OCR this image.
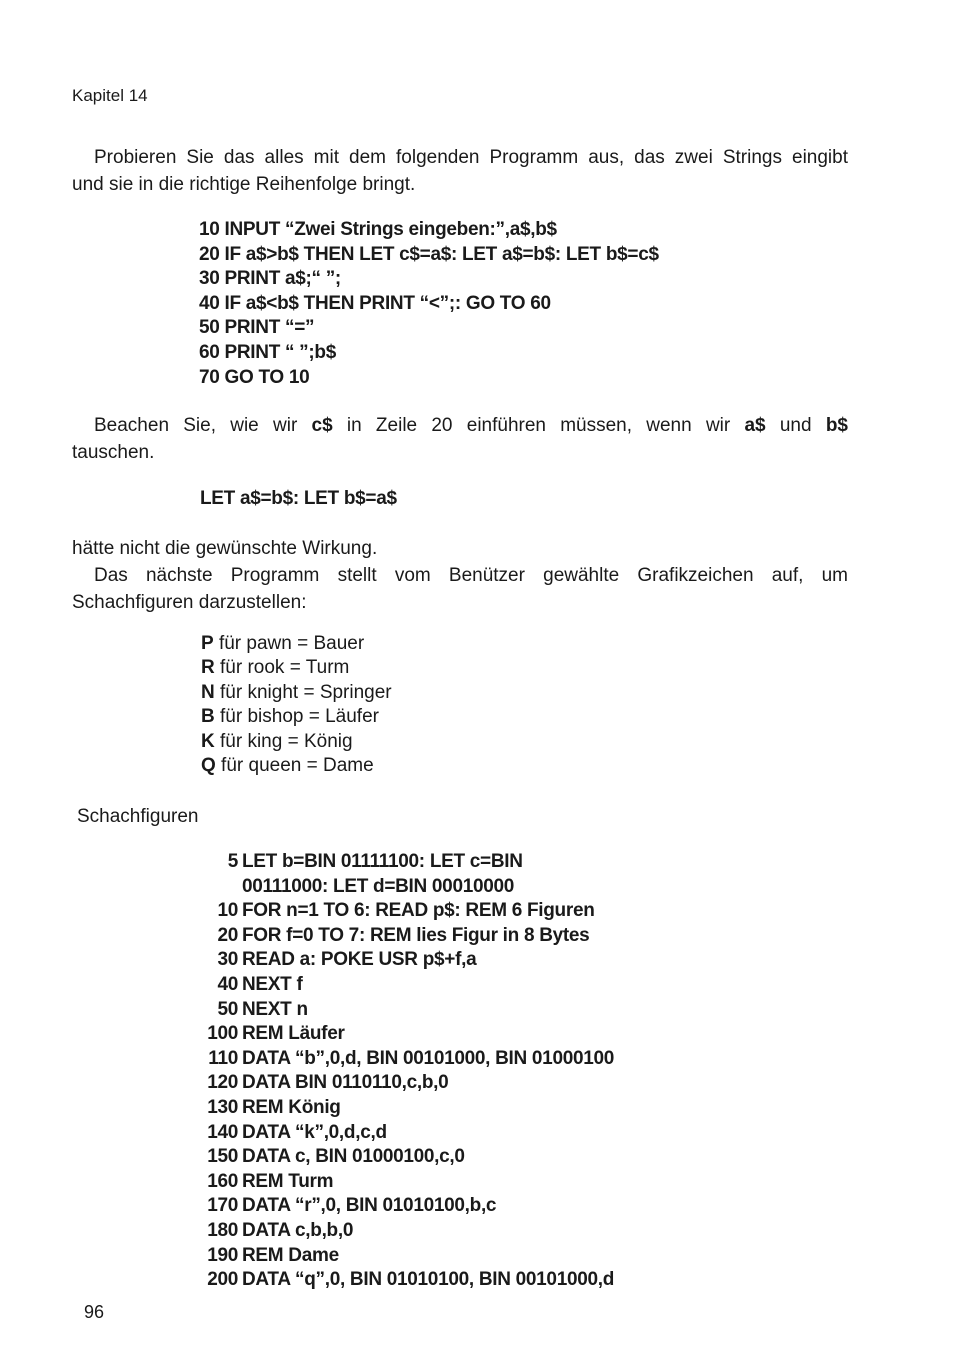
Kapitel 14
Probieren Sie das alles mit dem folgenden Programm aus, das zwei Strings eingibt
und sie in die richtige Reihenfolge bringt.
10 INPUT “Zwei Strings eingeben:”,a$,b$
20 IF a$>b$ THEN LET c$=a$: LET a$=b$: LET b$=c$
30 PRINT a$;“ ”;
40 IF a$<b$ THEN PRINT “<”;: GO TO 60
50 PRINT “=”
60 PRINT “ ”;b$
70 GO TO 10
Beachen Sie, wie wir c$ in Zeile 20 einführen müssen, wenn wir a$ und b$
tauschen.
LET a$=b$: LET b$=a$
hätte nicht die gewünschte Wirkung.
Das nächste Programm stellt vom Benützer gewählte Grafikzeichen auf, um
Schachfiguren darzustellen:
P für pawn = Bauer
R für rook = Turm
N für knight = Springer
B für bishop = Läufer
K für king = König
Q für queen = Dame
Schachfiguren
5 LET b=BIN 01111100: LET c=BIN
00111000: LET d=BIN 00010000
10 FOR n=1 TO 6: READ p$: REM 6 Figuren
20 FOR f=0 TO 7: REM lies Figur in 8 Bytes
30 READ a: POKE USR p$+f,a
40 NEXT f
50 NEXT n
100 REM Läufer
110 DATA “b”,0,d, BIN 00101000, BIN 01000100
120 DATA BIN 0110110,c,b,0
130 REM König
140 DATA “k”,0,d,c,d
150 DATA c, BIN 01000100,c,0
160 REM Turm
170 DATA “r”,0, BIN 01010100,b,c
180 DATA c,b,b,0
190 REM Dame
200 DATA “q”,0, BIN 01010100, BIN 00101000,d
96
